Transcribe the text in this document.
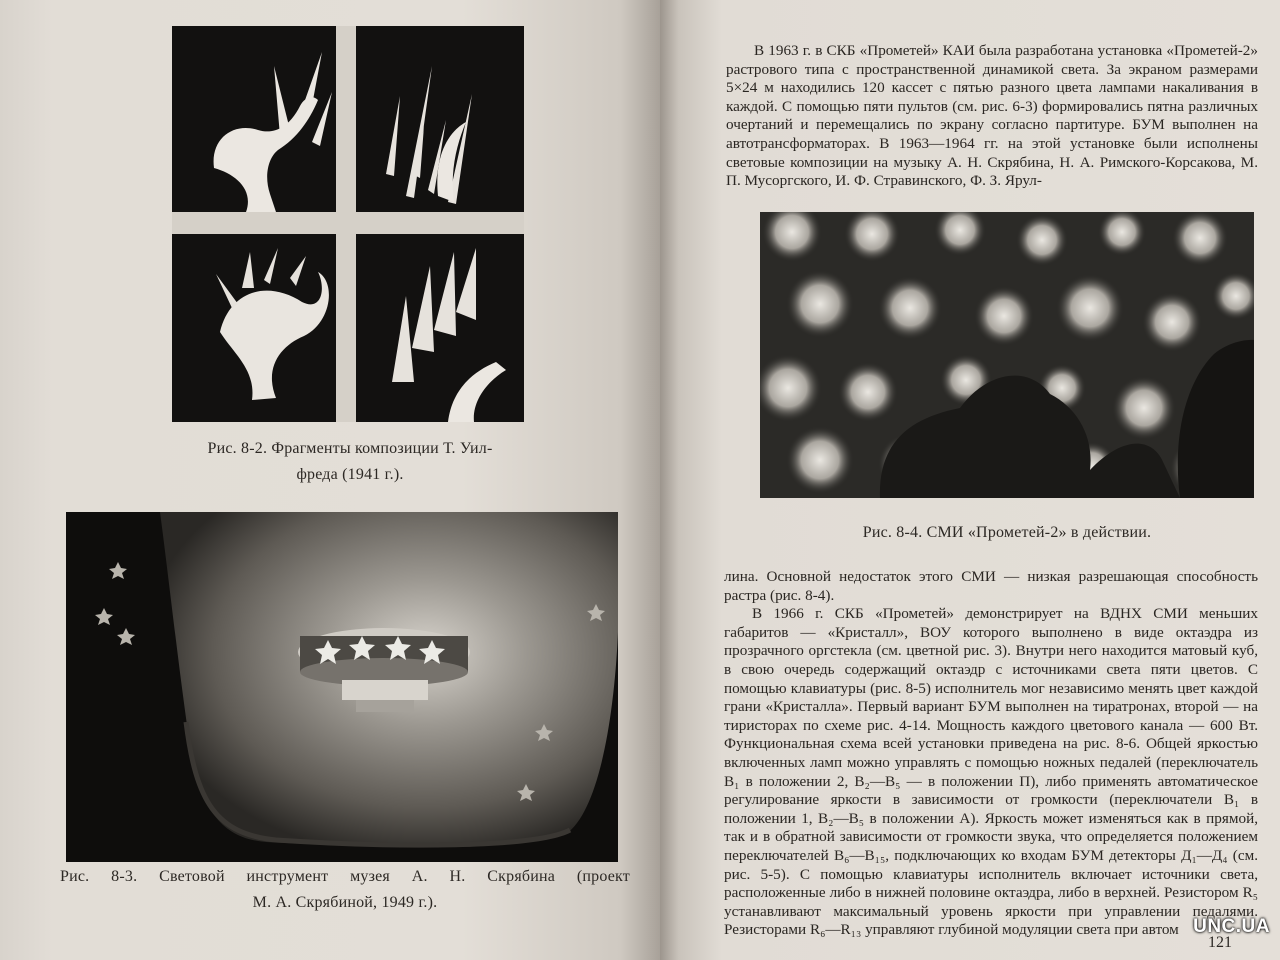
Рис. 8-2. Фрагменты композиции Т. Уил-
фреда (1941 г.).
Рис. 8-3. Световой инструмент музея А. Н. Скрябина (проект
М. А. Скрябиной, 1949 г.).

В 1963 г. в СКБ «Прометей» КАИ была разработана установка «Прометей-2» растрового типа с пространственной динамикой света. За экраном размерами 5×24 м находились 120 кассет с пятью разного цвета лампами накаливания в каждой. С помощью пяти пультов (см. рис. 6-3) формировались пятна различных очертаний и перемещались по экрану согласно партитуре. БУМ выполнен на автотрансформаторах. В 1963—1964 гг. на этой установке были исполнены световые композиции на музыку А. Н. Скрябина, Н. А. Римского-Корсакова, М. П. Мусоргского, И. Ф. Стравинского, Ф. З. Ярул-

Рис. 8-4. СМИ «Прометей-2» в действии.

лина. Основной недостаток этого СМИ — низкая разрешающая способность растра (рис. 8-4).

В 1966 г. СКБ «Прометей» демонстрирует на ВДНХ СМИ меньших габаритов — «Кристалл», ВОУ которого выполнено в виде октаэдра из прозрачного оргстекла (см. цветной рис. 3). Внутри него находится матовый куб, в свою очередь содержащий октаэдр с источниками света пяти цветов. С помощью клавиатуры (рис. 8-5) исполнитель мог независимо менять цвет каждой грани «Кристалла». Первый вариант БУМ выполнен на тиратронах, второй — на тиристорах по схеме рис. 4-14. Мощность каждого цветового канала — 600 Вт. Функциональная схема всей установки приведена на рис. 8-6. Общей яркостью включенных ламп можно управлять с помощью ножных педалей (переключатель В₁ в положении 2, В₂—В₅ — в положении П), либо применять автоматическое регулирование яркости в зависимости от громкости (переключатели В₁ в положении 1, В₂—В₅ в положении А). Яркость может изменяться как в прямой, так и в обратной зависимости от громкости звука, что определяется положением переключателей В₆—В₁₅, подключающих ко входам БУМ детекторы Д₁—Д₄ (см. рис. 5-5). С помощью клавиатуры исполнитель включает источники света, расположенные либо в нижней половине октаэдра, либо в верхней. Резистором R₅ устанавливают максимальный уровень яркости при управлении педалями. Резисторами R₆—R₁₃ управляют глубиной модуляции света при автом

121
UNC.UA
